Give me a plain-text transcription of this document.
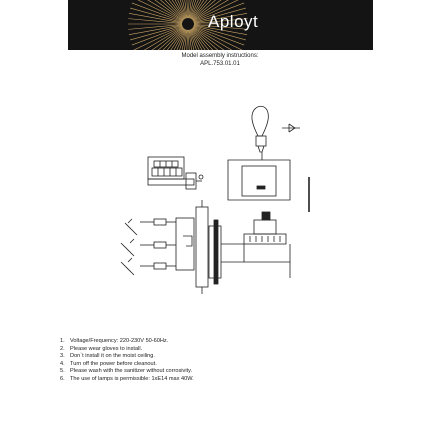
Aployt
Model assembly instructions:
APL.753.01.01
1. Voltage/Frequency: 220-230V 50-60Hz.
2. Please wear gloves to install.
3. Don`t install it on the moist ceiling.
4. Turn off the power before cleanout.
5. Please wash with the sanitizer without corrosivity.
6. The use of lamps is permissible: 1xE14 max 40W.
